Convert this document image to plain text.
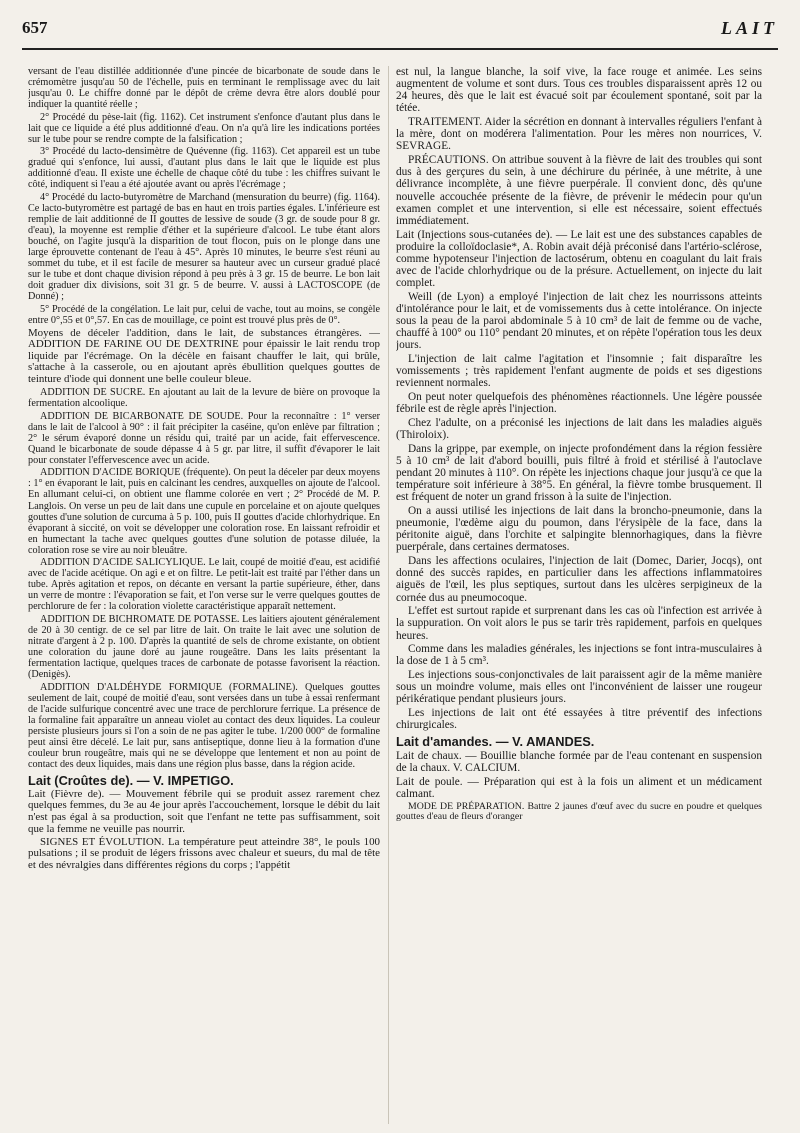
657	LAIT

versant de l'eau distillée additionnée d'une pincée de bicarbonate de soude dans le crémomètre jusqu'au 50 de l'échelle, puis en terminant le remplissage avec du lait jusqu'au 0. Le chiffre donné par le dépôt de crème devra être alors doublé pour indiquer la quantité réelle ;

2° Procédé du pèse-lait (fig. 1162). Cet instrument s'enfonce d'autant plus dans le lait que ce liquide a été plus additionné d'eau. On n'a qu'à lire les indications portées sur le tube pour se rendre compte de la falsification ;

3° Procédé du lacto-densimètre de Quévenne (fig. 1163). Cet appareil est un tube gradué qui s'enfonce, lui aussi, d'autant plus dans le lait que le liquide est plus additionné d'eau. Il existe une échelle de chaque côté du tube : les chiffres suivant le côté, indiquent si l'eau a été ajoutée avant ou après l'écrémage ;

4° Procédé du lacto-butyromètre de Marchand (mensuration du beurre) (fig. 1164). Ce lacto-butyromètre est partagé de bas en haut en trois parties égales. L'inférieure est remplie de lait additionné de II gouttes de lessive de soude (3 gr. de soude pour 8 gr. d'eau), la moyenne est remplie d'éther et la supérieure d'alcool. Le tube étant alors bouché, on l'agite jusqu'à la disparition de tout flocon, puis on le plonge dans une large éprouvette contenant de l'eau à 45°. Après 10 minutes, le beurre s'est réuni au sommet du tube, et il est facile de mesurer sa hauteur avec un curseur gradué placé sur le tube et dont chaque division répond à peu près à 3 gr. 15 de beurre. Le bon lait doit graduer dix divisions, soit 31 gr. 5 de beurre. V. aussi à LACTOSCOPE (de Donné) ;

5° Procédé de la congélation. Le lait pur, celui de vache, tout au moins, se congèle entre 0°,55 et 0°,57. En cas de mouillage, ce point est trouvé plus près de 0°.

Moyens de déceler l'addition, dans le lait, de substances étrangères. — ADDITION DE FARINE OU DE DEXTRINE pour épaissir le lait rendu trop liquide par l'écrémage. On la décèle en faisant chauffer le lait, qui brûle, s'attache à la casserole, ou en ajoutant après ébullition quelques gouttes de teinture d'iode qui donnent une belle couleur bleue.

ADDITION DE SUCRE. En ajoutant au lait de la levure de bière on provoque la fermentation alcoolique.

ADDITION DE BICARBONATE DE SOUDE. Pour la reconnaître : 1° verser dans le lait de l'alcool à 90° : il fait précipiter la caséine, qu'on enlève par filtration ; 2° le sérum évaporé donne un résidu qui, traité par un acide, fait effervescence. Quand le bicarbonate de soude dépasse 4 à 5 gr. par litre, il suffit d'évaporer le lait pour constater l'effervescence avec un acide.

ADDITION D'ACIDE BORIQUE (fréquente). On peut la déceler par deux moyens : 1° en évaporant le lait, puis en calcinant les cendres, auxquelles on ajoute de l'alcool. En allumant celui-ci, on obtient une flamme colorée en vert ; 2° Procédé de M. P. Langlois. On verse un peu de lait dans une cupule en porcelaine et on ajoute quelques gouttes d'une solution de curcuma à 5 p. 100, puis II gouttes d'acide chlorhydrique. En évaporant à siccité, on voit se développer une coloration rose. En laissant refroidir et en humectant la tache avec quelques gouttes d'une solution de potasse diluée, la coloration rose se vire au noir bleuâtre.

ADDITION D'ACIDE SALICYLIQUE. Le lait, coupé de moitié d'eau, est acidifié avec de l'acide acétique. On agi e et on filtre. Le petit-lait est traité par l'éther dans un tube. Après agitation et repos, on décante en versant la partie supérieure, éther, dans un verre de montre : l'évaporation se fait, et l'on verse sur le verre quelques gouttes de perchlorure de fer : la coloration violette caractéristique apparaît nettement.

ADDITION DE BICHROMATE DE POTASSE. Les laitiers ajoutent généralement de 20 à 30 centigr. de ce sel par litre de lait. On traite le lait avec une solution de nitrate d'argent à 2 p. 100. D'après la quantité de sels de chrome existante, on obtient une coloration du jaune doré au jaune rougeâtre. Dans les laits présentant la fermentation lactique, quelques traces de carbonate de potasse favorisent la réaction. (Denigès).

ADDITION D'ALDÉHYDE FORMIQUE (FORMALINE). Quelques gouttes seulement de lait, coupé de moitié d'eau, sont versées dans un tube à essai renfermant de l'acide sulfurique concentré avec une trace de perchlorure ferrique. La présence de la formaline fait apparaître un anneau violet au contact des deux liquides. La couleur persiste plusieurs jours si l'on a soin de ne pas agiter le tube. 1/200 000° de formaline peut ainsi être décelé. Le lait pur, sans antiseptique, donne lieu à la formation d'une couleur brun rougeâtre, mais qui ne se développe que lentement et non au point de contact des deux liquides, mais dans une région plus basse, dans la région acide.

Lait (Croûtes de). — V. IMPETIGO.

Lait (Fièvre de). — Mouvement fébrile qui se produit assez rarement chez quelques femmes, du 3e au 4e jour après l'accouchement, lorsque le débit du lait n'est pas égal à sa production, soit que l'enfant ne tette pas suffisamment, soit que la femme ne veuille pas nourrir.

SIGNES ET ÉVOLUTION. La température peut atteindre 38°, le pouls 100 pulsations ; il se produit de légers frissons avec chaleur et sueurs, du mal de tête et des névralgies dans différentes régions du corps ; l'appétit

est nul, la langue blanche, la soif vive, la face rouge et animée. Les seins augmentent de volume et sont durs. Tous ces troubles disparaissent après 12 ou 24 heures, dès que le lait est évacué soit par écoulement spontané, soit par la tétée.

TRAITEMENT. Aider la sécrétion en donnant à intervalles réguliers l'enfant à la mère, dont on modérera l'alimentation. Pour les mères non nourrices, V. SEVRAGE.

PRÉCAUTIONS. On attribue souvent à la fièvre de lait des troubles qui sont dus à des gerçures du sein, à une déchirure du périnée, à une métrite, à une délivrance incomplète, à une fièvre puerpérale. Il convient donc, dès qu'une nouvelle accouchée présente de la fièvre, de prévenir le médecin pour qu'un examen complet et une intervention, si elle est nécessaire, soient effectués immédiatement.

Lait (Injections sous-cutanées de). — Le lait est une des substances capables de produire la colloïdoclasie*, A. Robin avait déjà préconisé dans l'artério-sclérose, comme hypotenseur l'injection de lactosérum, obtenu en coagulant du lait frais avec de l'acide chlorhydrique ou de la présure. Actuellement, on injecte du lait complet.

Weill (de Lyon) a employé l'injection de lait chez les nourrissons atteints d'intolérance pour le lait, et de vomissements dus à cette intolérance. On injecte sous la peau de la paroi abdominale 5 à 10 cm³ de lait de femme ou de vache, chauffé à 100° ou 110° pendant 20 minutes, et on répète l'opération tous les deux jours.

L'injection de lait calme l'agitation et l'insomnie ; fait disparaître les vomissements ; très rapidement l'enfant augmente de poids et ses digestions reviennent normales.

On peut noter quelquefois des phénomènes réactionnels. Une légère poussée fébrile est de règle après l'injection.

Chez l'adulte, on a préconisé les injections de lait dans les maladies aiguës (Thiroloix).

Dans la grippe, par exemple, on injecte profondément dans la région fessière 5 à 10 cm³ de lait d'abord bouilli, puis filtré à froid et stérilisé à l'autoclave pendant 20 minutes à 110°. On répète les injections chaque jour jusqu'à ce que la température soit inférieure à 38°5. En général, la fièvre tombe brusquement. Il est fréquent de noter un grand frisson à la suite de l'injection.

On a aussi utilisé les injections de lait dans la broncho-pneumonie, dans la pneumonie, l'œdème aigu du poumon, dans l'érysipèle de la face, dans la péritonite aiguë, dans l'orchite et salpingite blennorhagiques, dans la fièvre puerpérale, dans certaines dermatoses.

Dans les affections oculaires, l'injection de lait (Domec, Darier, Jocqs), ont donné des succès rapides, en particulier dans les affections inflammatoires aiguës de l'œil, les plus septiques, surtout dans les ulcères serpigineux de la cornée dus au pneumocoque.

L'effet est surtout rapide et surprenant dans les cas où l'infection est arrivée à la suppuration. On voit alors le pus se tarir très rapidement, parfois en quelques heures.

Comme dans les maladies générales, les injections se font intra-musculaires à la dose de 1 à 5 cm³.

Les injections sous-conjonctivales de lait paraissent agir de la même manière sous un moindre volume, mais elles ont l'inconvénient de laisser une rougeur périkératique pendant plusieurs jours.

Les injections de lait ont été essayées à titre préventif des infections chirurgicales.

Lait d'amandes. — V. AMANDES.

Lait de chaux. — Bouillie blanche formée par de l'eau contenant en suspension de la chaux. V. CALCIUM.

Lait de poule. — Préparation qui est à la fois un aliment et un médicament calmant.

MODE DE PRÉPARATION. Battre 2 jaunes d'œuf avec du sucre en poudre et quelques gouttes d'eau de fleurs d'oranger
